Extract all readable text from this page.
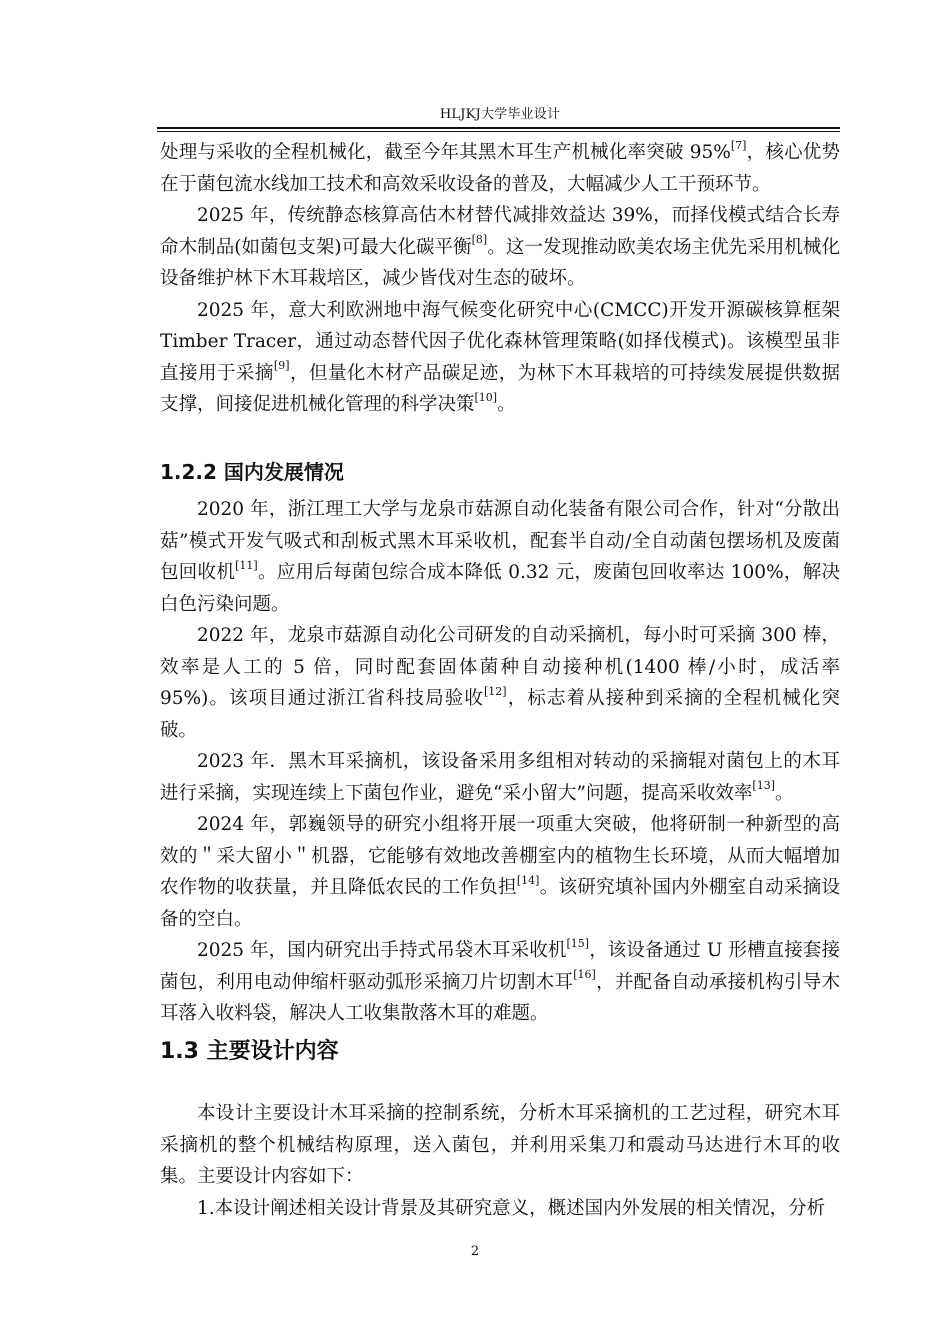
HLJKJ大学毕业设计

处理与采收的全程机械化，截至今年其黑木耳生产机械化率突破 95%[7]，核心优势在于菌包流水线加工技术和高效采收设备的普及，大幅减少人工干预环节。

2025 年，传统静态核算高估木材替代减排效益达 39%，而择伐模式结合长寿命木制品(如菌包支架)可最大化碳平衡[8]。这一发现推动欧美农场主优先采用机械化设备维护林下木耳栽培区，减少皆伐对生态的破坏。

2025 年，意大利欧洲地中海气候变化研究中心(CMCC)开发开源碳核算框架 Timber Tracer，通过动态替代因子优化森林管理策略(如择伐模式)。该模型虽非直接用于采摘[9]，但量化木材产品碳足迹，为林下木耳栽培的可持续发展提供数据支撑，间接促进机械化管理的科学决策[10]。

1.2.2 国内发展情况

2020 年，浙江理工大学与龙泉市菇源自动化装备有限公司合作，针对“分散出菇”模式开发气吸式和刮板式黑木耳采收机，配套半自动/全自动菌包摆场机及废菌包回收机[11]。应用后每菌包综合成本降低 0.32 元，废菌包回收率达 100%，解决白色污染问题。

2022 年，龙泉市菇源自动化公司研发的自动采摘机，每小时可采摘 300 棒，效率是人工的 5 倍，同时配套固体菌种自动接种机(1400 棒/小时，成活率 95%)。该项目通过浙江省科技局验收[12]，标志着从接种到采摘的全程机械化突破。

2023 年．黑木耳采摘机，该设备采用多组相对转动的采摘辊对菌包上的木耳进行采摘，实现连续上下菌包作业，避免“采小留大”问题，提高采收效率[13]。

2024 年，郭巍领导的研究小组将开展一项重大突破，他将研制一种新型的高效的＂采大留小＂机器，它能够有效地改善棚室内的植物生长环境，从而大幅增加农作物的收获量，并且降低农民的工作负担[14]。该研究填补国内外棚室自动采摘设备的空白。

2025 年，国内研究出手持式吊袋木耳采收机[15]，该设备通过 U 形槽直接套接菌包，利用电动伸缩杆驱动弧形采摘刀片切割木耳[16]，并配备自动承接机构引导木耳落入收料袋，解决人工收集散落木耳的难题。

1.3 主要设计内容

本设计主要设计木耳采摘的控制系统，分析木耳采摘机的工艺过程，研究木耳采摘机的整个机械结构原理，送入菌包，并利用采集刀和震动马达进行木耳的收集。主要设计内容如下：

1.本设计阐述相关设计背景及其研究意义，概述国内外发展的相关情况，分析

2
